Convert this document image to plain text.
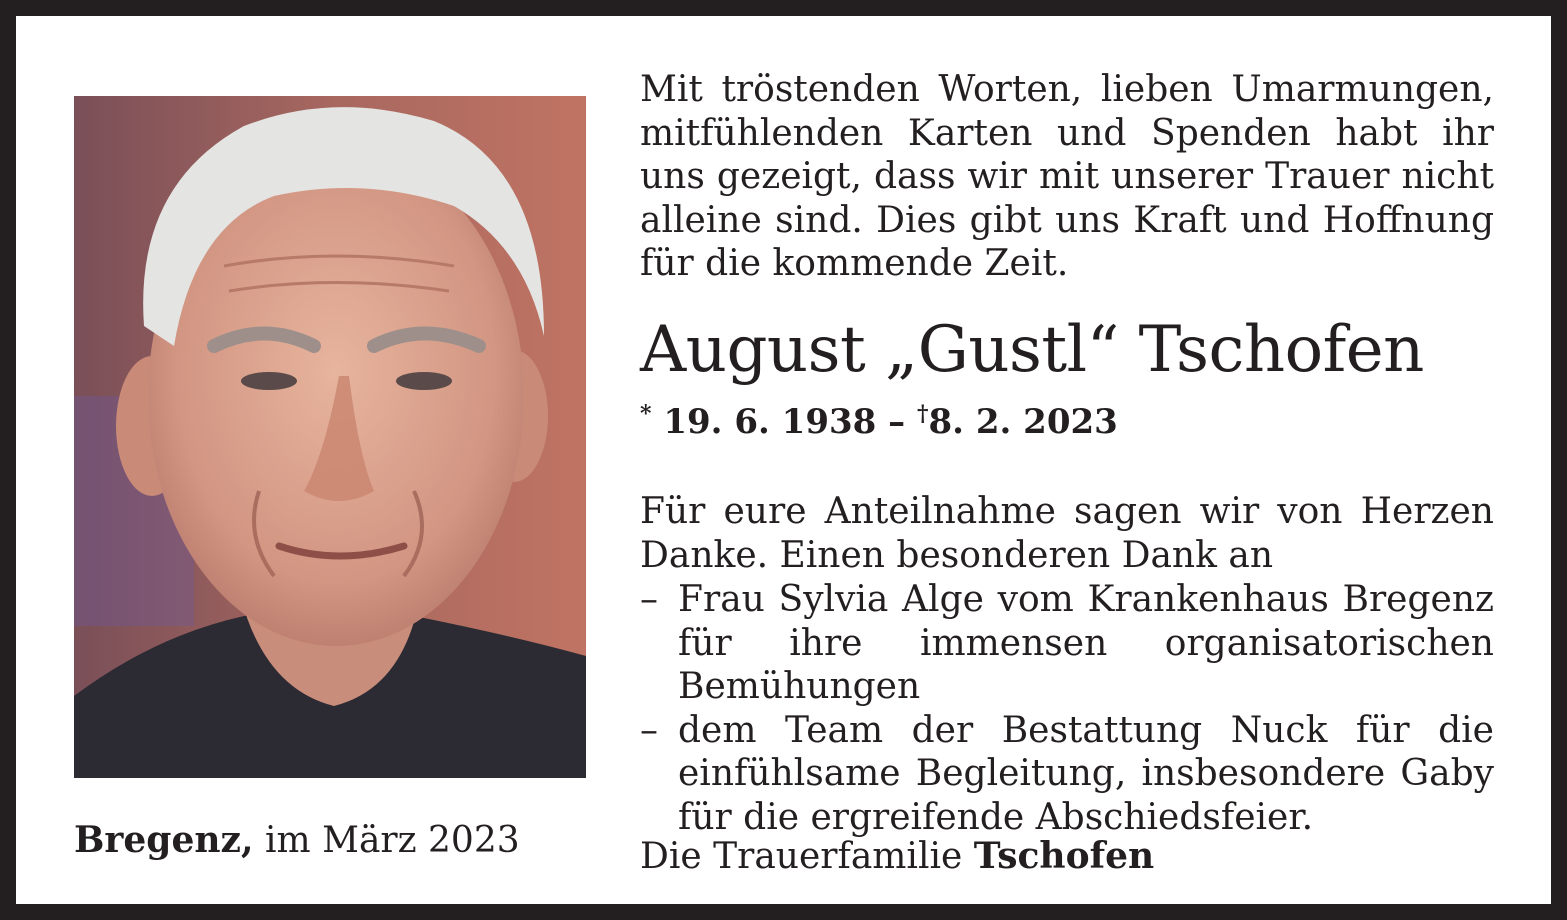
Bregenz, im März 2023
Mit tröstenden Worten, lieben Umarmungen, mitfühlenden Karten und Spenden habt ihr uns gezeigt, dass wir mit unserer Trauer nicht alleine sind. Dies gibt uns Kraft und Hoffnung für die kommende Zeit.
August „Gustl“ Tschofen
* 19. 6. 1938 – †8. 2. 2023
Für eure Anteilnahme sagen wir von Herzen Danke. Einen besonderen Dank an
– Frau Sylvia Alge vom Krankenhaus Bregenz für ihre immensen organisatorischen Bemühungen
– dem Team der Bestattung Nuck für die einfühlsame Begleitung, insbesondere Gaby für die ergreifende Abschiedsfeier.
Die Trauerfamilie Tschofen
